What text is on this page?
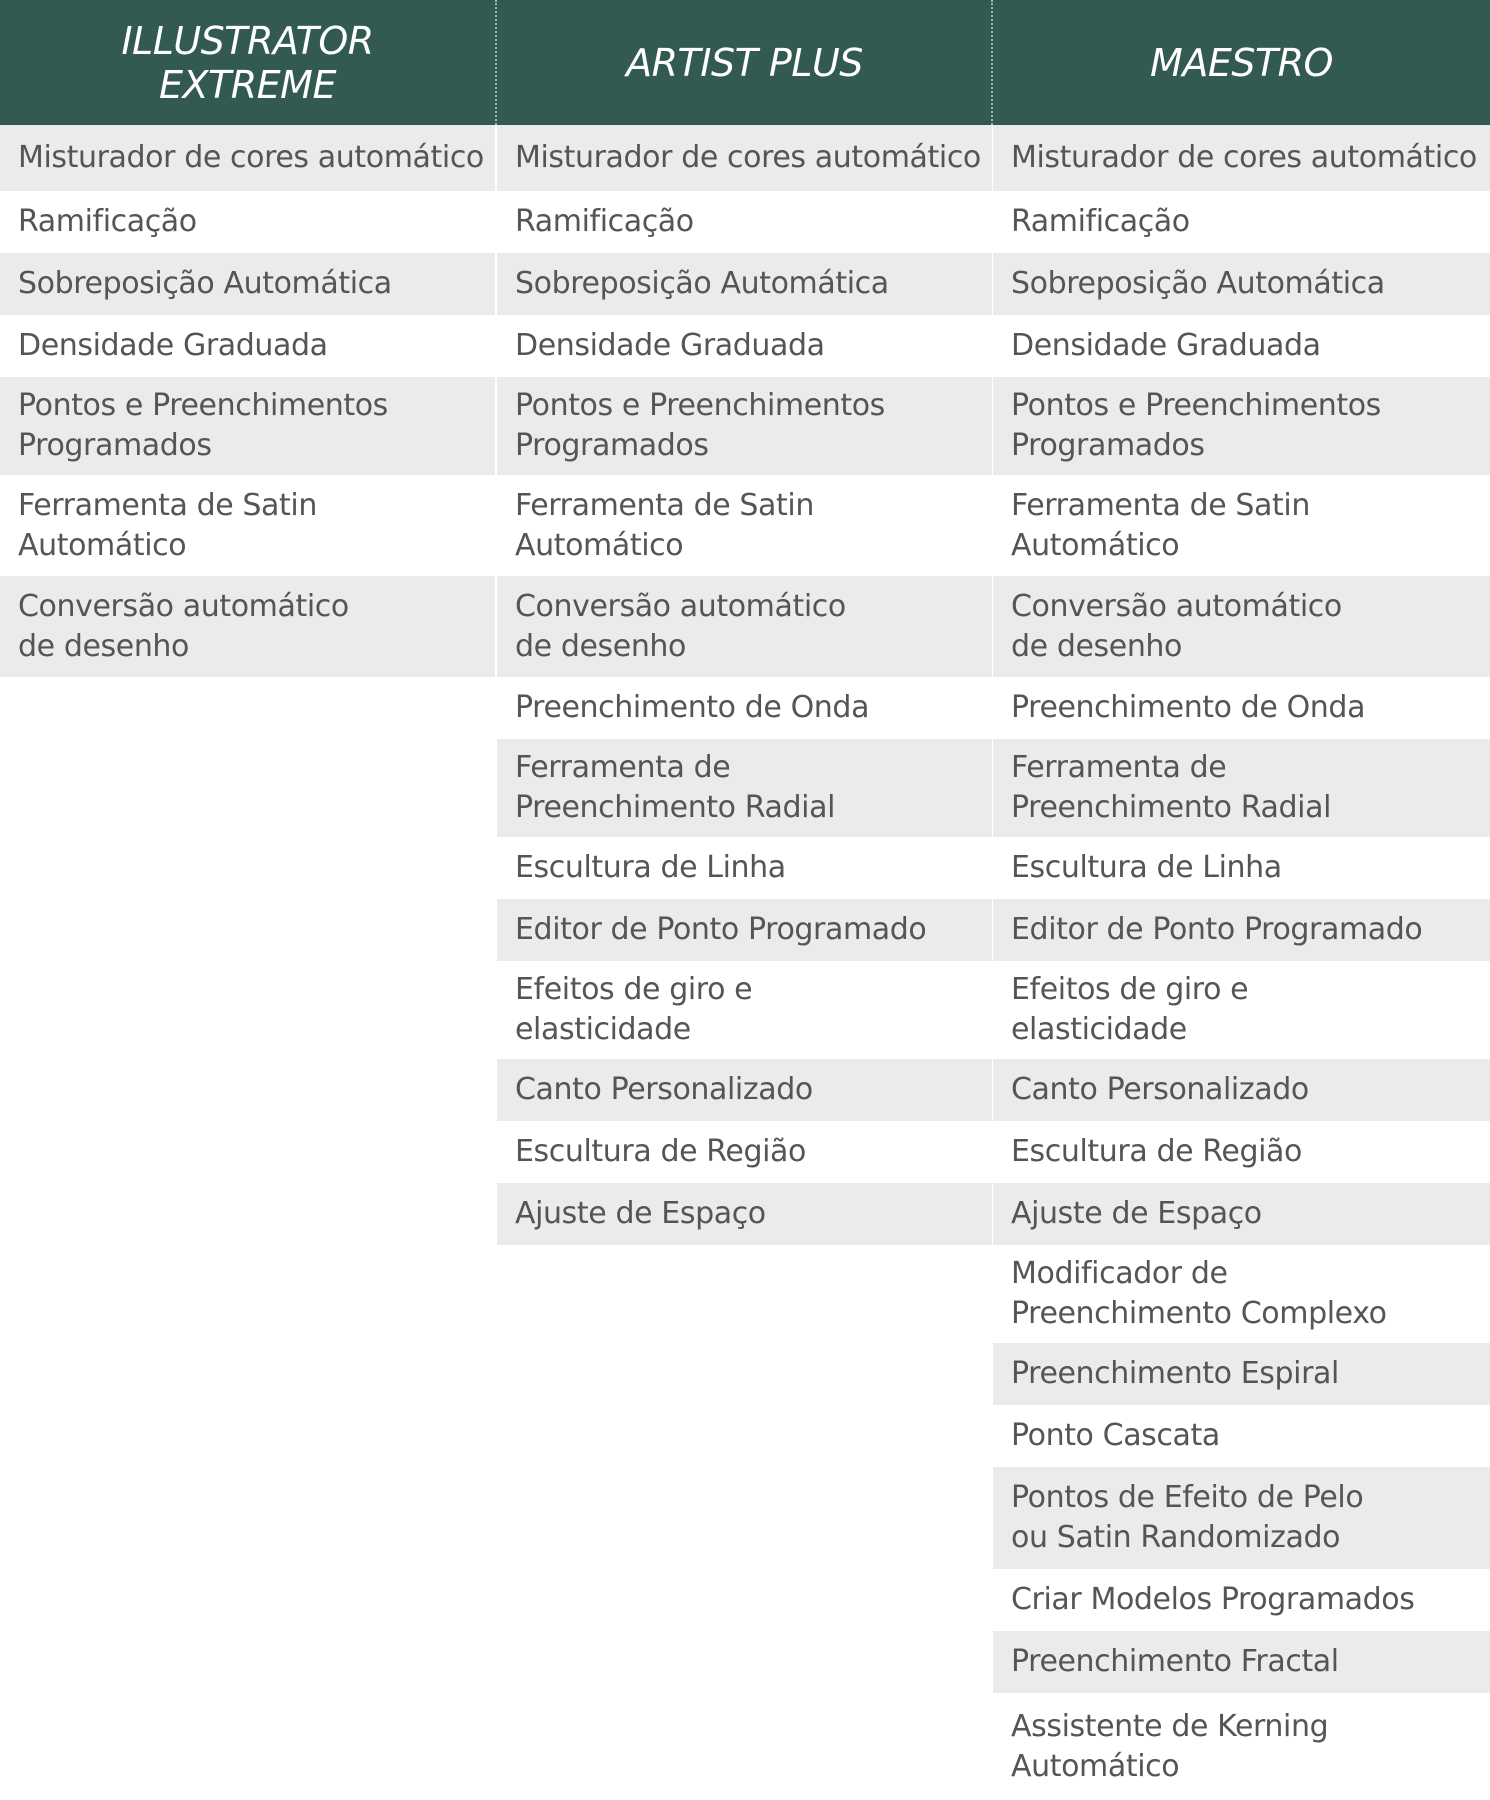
ILLUSTRATOR
EXTREME	ARTIST PLUS	MAESTRO
Misturador de cores automático
Ramificação
Sobreposição Automática
Densidade Graduada
Pontos e Preenchimentos
Programados
Ferramenta de Satin
Automático
Conversão automático
de desenho
Misturador de cores automático
Ramificação
Sobreposição Automática
Densidade Graduada
Pontos e Preenchimentos
Programados
Ferramenta de Satin
Automático
Conversão automático
de desenho
Preenchimento de Onda
Ferramenta de
Preenchimento Radial
Escultura de Linha
Editor de Ponto Programado
Efeitos de giro e
elasticidade
Canto Personalizado
Escultura de Região
Ajuste de Espaço
Misturador de cores automático
Ramificação
Sobreposição Automática
Densidade Graduada
Pontos e Preenchimentos
Programados
Ferramenta de Satin
Automático
Conversão automático
de desenho
Preenchimento de Onda
Ferramenta de
Preenchimento Radial
Escultura de Linha
Editor de Ponto Programado
Efeitos de giro e
elasticidade
Canto Personalizado
Escultura de Região
Ajuste de Espaço
Modificador de
Preenchimento Complexo
Preenchimento Espiral
Ponto Cascata
Pontos de Efeito de Pelo
ou Satin Randomizado
Criar Modelos Programados
Preenchimento Fractal
Assistente de Kerning
Automático
